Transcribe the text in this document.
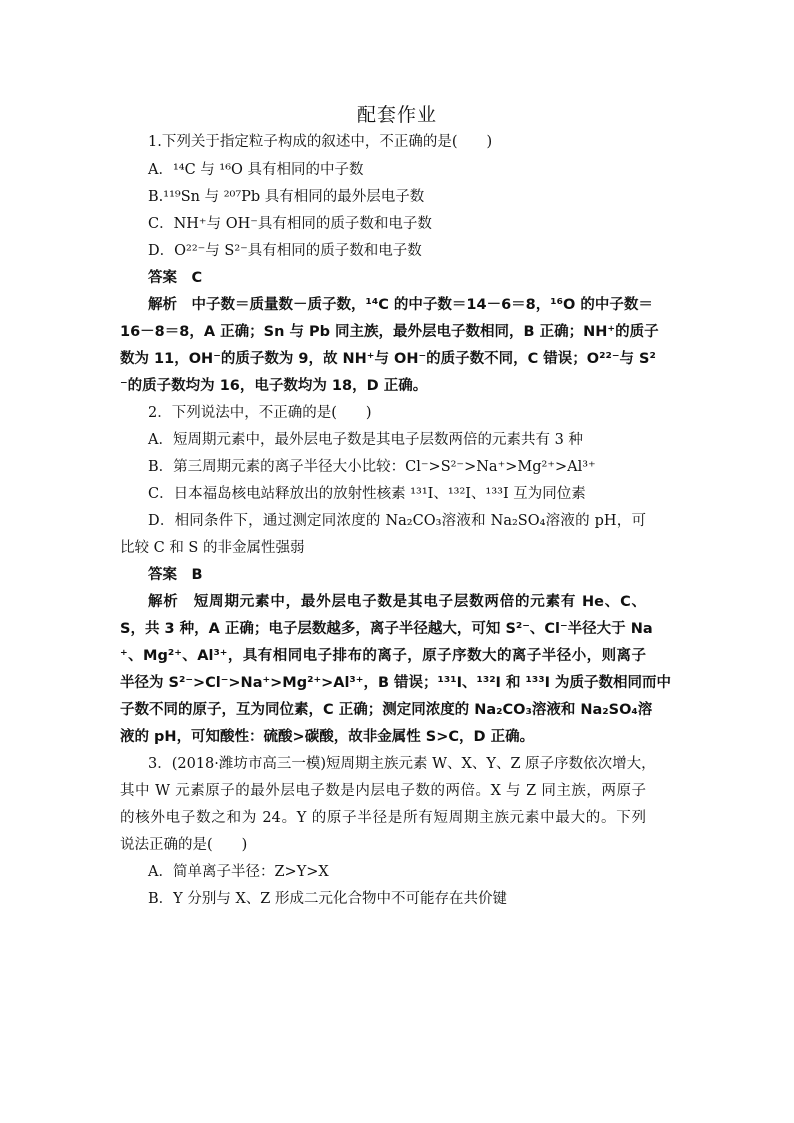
配套作业
1.下列关于指定粒子构成的叙述中，不正确的是(　　)
A．¹⁴C 与 ¹⁶O 具有相同的中子数
B.¹¹⁹Sn 与 ²⁰⁷Pb 具有相同的最外层电子数
C．NH⁺与 OH⁻具有相同的质子数和电子数
D．O²²⁻与 S²⁻具有相同的质子数和电子数
答案　C
解析　中子数＝质量数－质子数，¹⁴C 的中子数＝14－6＝8，¹⁶O 的中子数＝
16－8＝8，A 正确；Sn 与 Pb 同主族，最外层电子数相同，B 正确；NH⁺的质子
数为 11，OH⁻的质子数为 9，故 NH⁺与 OH⁻的质子数不同，C 错误；O²²⁻与 S²
⁻的质子数均为 16，电子数均为 18，D 正确。
2．下列说法中，不正确的是(　　)
A．短周期元素中，最外层电子数是其电子层数两倍的元素共有 3 种
B．第三周期元素的离子半径大小比较：Cl⁻>S²⁻>Na⁺>Mg²⁺>Al³⁺
C．日本福岛核电站释放出的放射性核素 ¹³¹I、¹³²I、¹³³I 互为同位素
D．相同条件下，通过测定同浓度的 Na₂CO₃溶液和 Na₂SO₄溶液的 pH，可
比较 C 和 S 的非金属性强弱
答案　B
解析　短周期元素中，最外层电子数是其电子层数两倍的元素有 He、C、
S，共 3 种，A 正确；电子层数越多，离子半径越大，可知 S²⁻、Cl⁻半径大于 Na
⁺、Mg²⁺、Al³⁺，具有相同电子排布的离子，原子序数大的离子半径小，则离子
半径为 S²⁻>Cl⁻>Na⁺>Mg²⁺>Al³⁺，B 错误；¹³¹I、¹³²I 和 ¹³³I 为质子数相同而中
子数不同的原子，互为同位素，C 正确；测定同浓度的 Na₂CO₃溶液和 Na₂SO₄溶
液的 pH，可知酸性：硫酸>碳酸，故非金属性 S>C，D 正确。
3．(2018·潍坊市高三一模)短周期主族元素 W、X、Y、Z 原子序数依次增大，
其中 W 元素原子的最外层电子数是内层电子数的两倍。X 与 Z 同主族，两原子
的核外电子数之和为 24。Y 的原子半径是所有短周期主族元素中最大的。下列
说法正确的是(　　)
A．简单离子半径：Z>Y>X
B．Y 分别与 X、Z 形成二元化合物中不可能存在共价键
